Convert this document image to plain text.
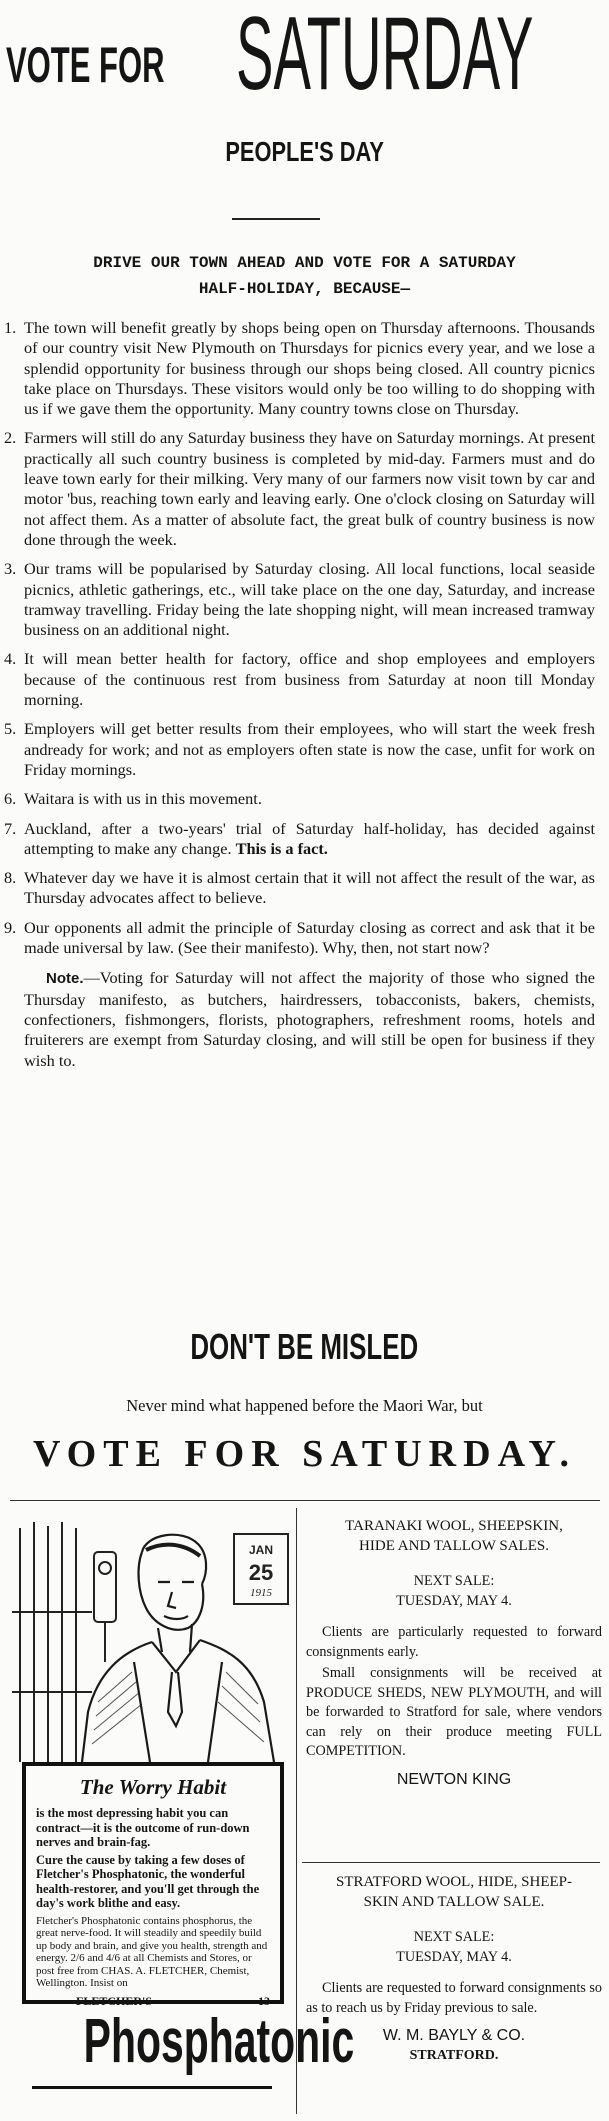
VOTE FOR SATURDAY
PEOPLE'S DAY
DRIVE OUR TOWN AHEAD AND VOTE FOR A SATURDAY
HALF-HOLIDAY, BECAUSE—
1. The town will benefit greatly by shops being open on Thursday afternoons. Thousands of our country visit New Plymouth on Thursdays for picnics every year, and we lose a splendid opportunity for business through our shops being closed. All country picnics take place on Thursdays. These visitors would only be too willing to do shopping with us if we gave them the opportunity. Many country towns close on Thursday.
2. Farmers will still do any Saturday business they have on Saturday mornings. At present practically all such country business is completed by mid-day. Farmers must and do leave town early for their milking. Very many of our farmers now visit town by car and motor 'bus, reaching town early and leaving early. One o'clock closing on Saturday will not affect them. As a matter of absolute fact, the great bulk of country business is now done through the week.
3. Our trams will be popularised by Saturday closing. All local functions, local seaside picnics, athletic gatherings, etc., will take place on the one day, Saturday, and increase tramway travelling. Friday being the late shopping night, will mean increased tramway business on an additional night.
4. It will mean better health for factory, office and shop employees and employers because of the continuous rest from business from Saturday at noon till Monday morning.
5. Employers will get better results from their employees, who will start the week fresh andready for work; and not as employers often state is now the case, unfit for work on Friday mornings.
6. Waitara is with us in this movement.
7. Auckland, after a two-years' trial of Saturday half-holiday, has decided against attempting to make any change. This is a fact.
8. Whatever day we have it is almost certain that it will not affect the result of the war, as Thursday advocates affect to believe.
9. Our opponents all admit the principle of Saturday closing as correct and ask that it be made universal by law. (See their manifesto). Why, then, not start now?
Note.—Voting for Saturday will not affect the majority of those who signed the Thursday manifesto, as butchers, hairdressers, tobacconists, bakers, chemists, confectioners, fishmongers, florists, photographers, refreshment rooms, hotels and fruiterers are exempt from Saturday closing, and will still be open for business if they wish to.
DON'T BE MISLED
Never mind what happened before the Maori War, but
VOTE FOR SATURDAY.
JAN
25
1915
The Worry Habit
is the most depressing habit you can contract—it is the outcome of run-down nerves and brain-fag.
Cure the cause by taking a few doses of Fletcher's Phosphatonic, the wonderful health-restorer, and you'll get through the day's work blithe and easy.
Fletcher's Phosphatonic contains phosphorus, the great nerve-food. It will steadily and speedily build up body and brain, and give you health, strength and energy. 2/6 and 4/6 at all Chemists and Stores, or post free from CHAS. A. FLETCHER, Chemist, Wellington. Insist on
FLETCHER'S	13
Phosphatonic
TARANAKI WOOL, SHEEPSKIN,
HIDE AND TALLOW SALES.
NEXT SALE:
TUESDAY, MAY 4.
Clients are particularly requested to forward consignments early.
Small consignments will be received at PRODUCE SHEDS, NEW PLYMOUTH, and will be forwarded to Stratford for sale, where vendors can rely on their produce meeting FULL COMPETITION.
NEWTON KING
STRATFORD WOOL, HIDE, SHEEP-
SKIN AND TALLOW SALE.
NEXT SALE:
TUESDAY, MAY 4.
Clients are requested to forward consignments so as to reach us by Friday previous to sale.
W. M. BAYLY & CO.
STRATFORD.
